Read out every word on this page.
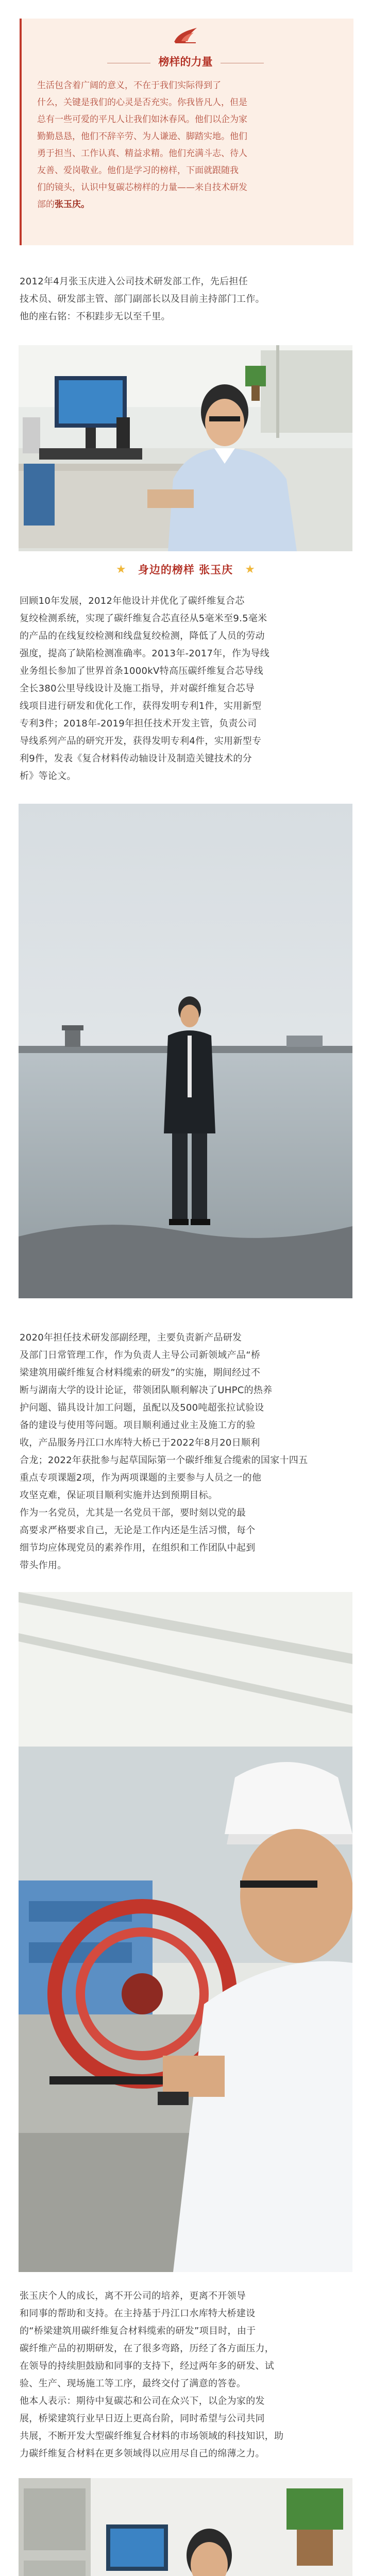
榜样的力量
生活包含着广阔的意义，不在于我们实际得到了
什么，关键是我们的心灵是否充实。你我皆凡人，但是
总有一些可爱的平凡人让我们如沐春风。他们以企为家
勤勤恳恳，他们不辞辛劳、为人谦逊、脚踏实地。他们
勇于担当、工作认真、精益求精。他们充满斗志、待人
友善、爱岗敬业。他们是学习的榜样，下面就跟随我
们的镜头，认识中复碳芯榜样的力量——来自技术研发
部的张玉庆。
2012年4月张玉庆进入公司技术研发部工作，先后担任
技术员、研发部主管、部门副部长以及目前主持部门工作。
他的座右铭：不积跬步无以至千里。
★ 身边的榜样 张玉庆 ★
回顾10年发展，2012年他设计并优化了碳纤维复合芯
复绞检测系统，实现了碳纤维复合芯直径从5毫米至9.5毫米
的产品的在线复绞检测和线盘复绞检测，降低了人员的劳动
强度，提高了缺陷检测准确率。2013年-2017年，作为导线
业务组长参加了世界首条1000kV特高压碳纤维复合芯导线
全长380公里导线设计及施工指导，并对碳纤维复合芯导
线项目进行研发和优化工作，获得发明专利1件，实用新型
专利3件；2018年-2019年担任技术开发主管，负责公司
导线系列产品的研究开发，获得发明专利4件，实用新型专
利9件，发表《复合材料传动轴设计及制造关键技术的分
析》等论文。
2020年担任技术研发部副经理，主要负责新产品研发
及部门日常管理工作，作为负责人主导公司新领域产品“桥
梁建筑用碳纤维复合材料缆索的研发”的实施，期间经过不
断与湖南大学的设计论证，带领团队顺利解决了UHPC的热养
护问题、锚具设计加工问题，虽配以及500吨超张拉试验设
备的建设与使用等问题。项目顺利通过业主及施工方的验
收，产品服务丹江口水库特大桥已于2022年8月20日顺利
合龙；2022年获批参与起草国际第一个碳纤维复合缆索的国家十四五
重点专项课题2项，作为两项课题的主要参与人员之一的他
攻坚克难，保证项目顺利实施并达到预期目标。
作为一名党员，尤其是一名党员干部，要时刻以党的最
高要求严格要求自己，无论是工作内还是生活习惯，每个
细节均应体现党员的素养作用，在组织和工作团队中起到
带头作用。
张玉庆个人的成长，离不开公司的培养，更离不开领导
和同事的帮助和支持。在主持基于丹江口水库特大桥建设
的“桥梁建筑用碳纤维复合材料缆索的研发”项目时，由于
碳纤维产品的初期研发，在了很多弯路，历经了各方面压力，
在领导的持续胆鼓励和同事的支持下，经过两年多的研发、试
验、生产、现场施工等工序，最终交付了满意的答卷。
他本人表示：期待中复碳芯和公司在众兴下，以企为家的发
展，桥梁建筑行业早日迈上更高台阶，同时希望与公司共同
共展，不断开发大型碳纤维复合材料的市场领域的科技知识，助
力碳纤维复合材料在更多领域得以应用尽自己的绵薄之力。
